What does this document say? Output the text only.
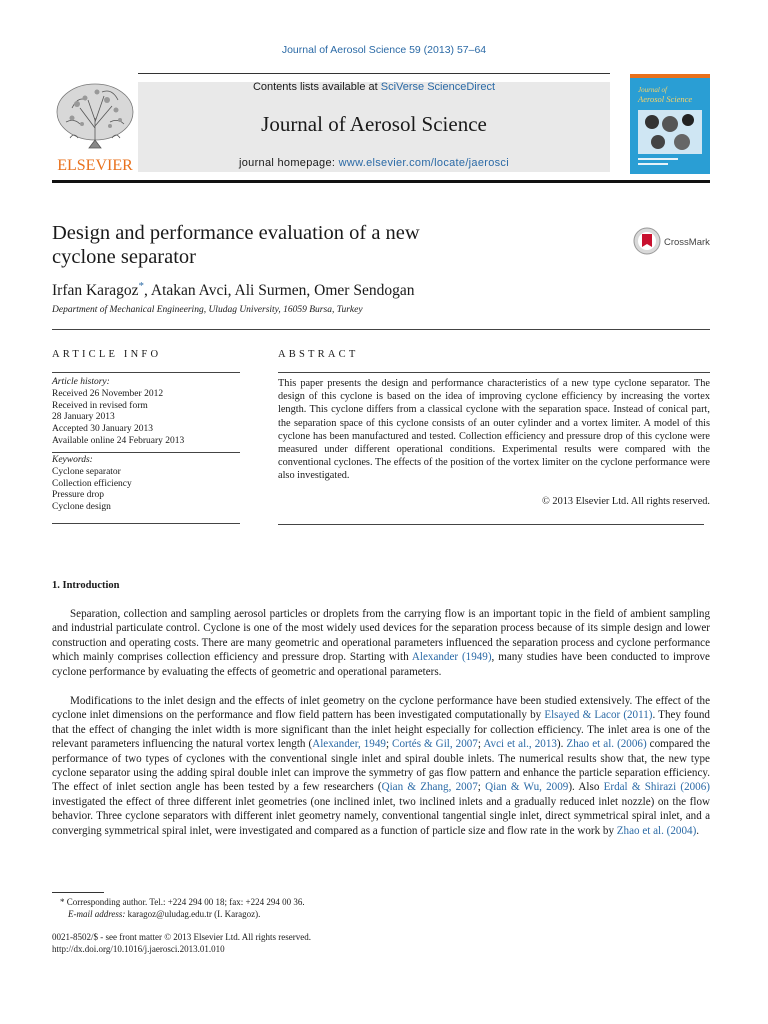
Journal of Aerosol Science 59 (2013) 57–64
Contents lists available at SciVerse ScienceDirect
Journal of Aerosol Science
journal homepage: www.elsevier.com/locate/jaerosci
ELSEVIER
Journal of
Aerosol Science
Design and performance evaluation of a new
cyclone separator
CrossMark
Irfan Karagoz*, Atakan Avci, Ali Surmen, Omer Sendogan
Department of Mechanical Engineering, Uludag University, 16059 Bursa, Turkey
ARTICLE INFO	ABSTRACT
Article history:
Received 26 November 2012
Received in revised form
28 January 2013
Accepted 30 January 2013
Available online 24 February 2013
Keywords:
Cyclone separator
Collection efficiency
Pressure drop
Cyclone design
This paper presents the design and performance characteristics of a new type cyclone separator. The design of this cyclone is based on the idea of improving cyclone efficiency by increasing the vortex length. This cyclone differs from a classical cyclone with the separation space. Instead of conical part, the separation space of this cyclone consists of an outer cylinder and a vortex limiter. A model of this cyclone has been manufactured and tested. Collection efficiency and pressure drop of this cyclone were measured under different operational conditions. Experimental results were compared with the conventional cyclones. The effects of the position of the vortex limiter on the cyclone performance were also investigated.
© 2013 Elsevier Ltd. All rights reserved.
1. Introduction
Separation, collection and sampling aerosol particles or droplets from the carrying flow is an important topic in the field of ambient sampling and industrial particulate control. Cyclone is one of the most widely used devices for the separation process because of its simple design and lower construction and operating costs. There are many geometric and operational parameters influenced the separation process and cyclone performance which mainly comprises collection efficiency and pressure drop. Starting with Alexander (1949), many studies have been conducted to improve cyclone performance by evaluating the effects of geometric and operational parameters.
Modifications to the inlet design and the effects of inlet geometry on the cyclone performance have been studied extensively. The effect of the cyclone inlet dimensions on the performance and flow field pattern has been investigated computationally by Elsayed & Lacor (2011). They found that the effect of changing the inlet width is more significant than the inlet height especially for collection efficiency. The inlet area is one of the relevant parameters influencing the natural vortex length (Alexander, 1949; Cortés & Gil, 2007; Avci et al., 2013). Zhao et al. (2006) compared the performance of two types of cyclones with the conventional single inlet and spiral double inlets. The numerical results show that, the new type cyclone separator using the adding spiral double inlet can improve the symmetry of gas flow pattern and enhance the particle separation efficiency. The effect of inlet section angle has been tested by a few researchers (Qian & Zhang, 2007; Qian & Wu, 2009). Also Erdal & Shirazi (2006) investigated the effect of three different inlet geometries (one inclined inlet, two inclined inlets and a gradually reduced inlet nozzle) on the flow behavior. Three cyclone separators with different inlet geometry namely, conventional tangential single inlet, direct symmetrical spiral inlet, and a converging symmetrical spiral inlet, were investigated and compared as a function of particle size and flow rate in the work by Zhao et al. (2004).
* Corresponding author. Tel.: +224 294 00 18; fax: +224 294 00 36.
E-mail address: karagoz@uludag.edu.tr (I. Karagoz).
0021-8502/$ - see front matter © 2013 Elsevier Ltd. All rights reserved.
http://dx.doi.org/10.1016/j.jaerosci.2013.01.010
